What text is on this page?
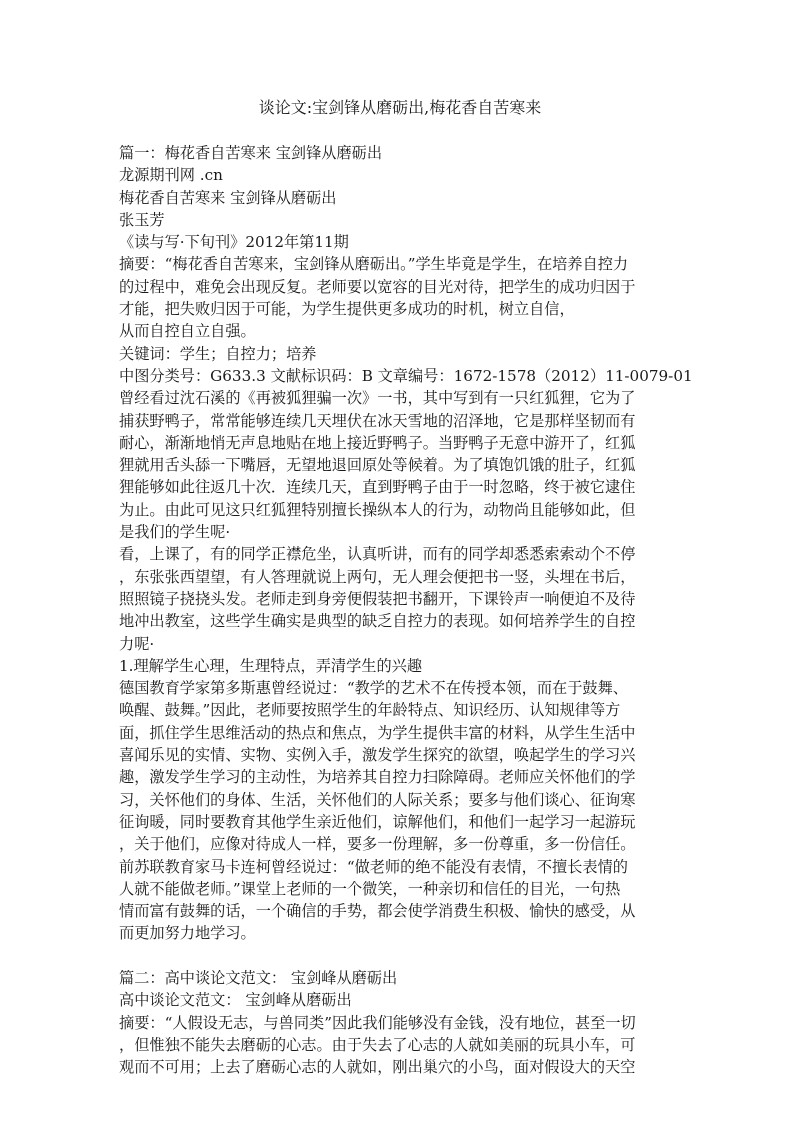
谈论文:宝剑锋从磨砺出,梅花香自苦寒来
篇一：梅花香自苦寒来 宝剑锋从磨砺出
龙源期刊网 .cn
梅花香自苦寒来 宝剑锋从磨砺出
张玉芳
《读与写·下旬刊》2012年第11期
摘要：“梅花香自苦寒来，宝剑锋从磨砺出。”学生毕竟是学生，在培养自控力
的过程中，难免会出现反复。老师要以宽容的目光对待，把学生的成功归因于
才能，把失败归因于可能，为学生提供更多成功的时机，树立自信，
从而自控自立自强。
关键词：学生；自控力；培养
中图分类号：G633.3 文献标识码：B 文章编号：1672-1578（2012）11-0079-01
曾经看过沈石溪的《再被狐狸骗一次》一书，其中写到有一只红狐狸，它为了
捕获野鸭子，常常能够连续几天埋伏在冰天雪地的沼泽地，它是那样坚韧而有
耐心，渐渐地悄无声息地贴在地上接近野鸭子。当野鸭子无意中游开了，红狐
狸就用舌头舔一下嘴唇，无望地退回原处等候着。为了填饱饥饿的肚子，红狐
狸能够如此往返几十次．连续几天，直到野鸭子由于一时忽略，终于被它逮住
为止。由此可见这只红狐狸特别擅长操纵本人的行为，动物尚且能够如此，但
是我们的学生呢·
看，上课了，有的同学正襟危坐，认真听讲，而有的同学却悉悉索索动个不停
，东张张西望望，有人答理就说上两句，无人理会便把书一竖，头埋在书后，
照照镜子挠挠头发。老师走到身旁便假装把书翻开，下课铃声一响便迫不及待
地冲出教室，这些学生确实是典型的缺乏自控力的表现。如何培养学生的自控
力呢·
1.理解学生心理，生理特点，弄清学生的兴趣
德国教育学家第多斯惠曾经说过：“教学的艺术不在传授本领，而在于鼓舞、
唤醒、鼓舞。”因此，老师要按照学生的年龄特点、知识经历、认知规律等方
面，抓住学生思维活动的热点和焦点，为学生提供丰富的材料，从学生生活中
喜闻乐见的实情、实物、实例入手，激发学生探究的欲望，唤起学生的学习兴
趣，激发学生学习的主动性，为培养其自控力扫除障碍。老师应关怀他们的学
习，关怀他们的身体、生活，关怀他们的人际关系；要多与他们谈心、征询寒
征询暖，同时要教育其他学生亲近他们，谅解他们，和他们一起学习一起游玩
，关于他们，应像对待成人一样，要多一份理解，多一份尊重，多一份信任。
前苏联教育家马卡连柯曾经说过：“做老师的绝不能没有表情，不擅长表情的
人就不能做老师。”课堂上老师的一个微笑，一种亲切和信任的目光，一句热
情而富有鼓舞的话，一个确信的手势，都会使学消费生积极、愉快的感受，从
而更加努力地学习。
篇二：高中谈论文范文： 宝剑峰从磨砺出
高中谈论文范文： 宝剑峰从磨砺出
摘要：“人假设无志，与兽同类”因此我们能够没有金钱，没有地位，甚至一切
，但惟独不能失去磨砺的心志。由于失去了心志的人就如美丽的玩具小车，可
观而不可用；上去了磨砺心志的人就如，刚出巢穴的小鸟，面对假设大的天空
